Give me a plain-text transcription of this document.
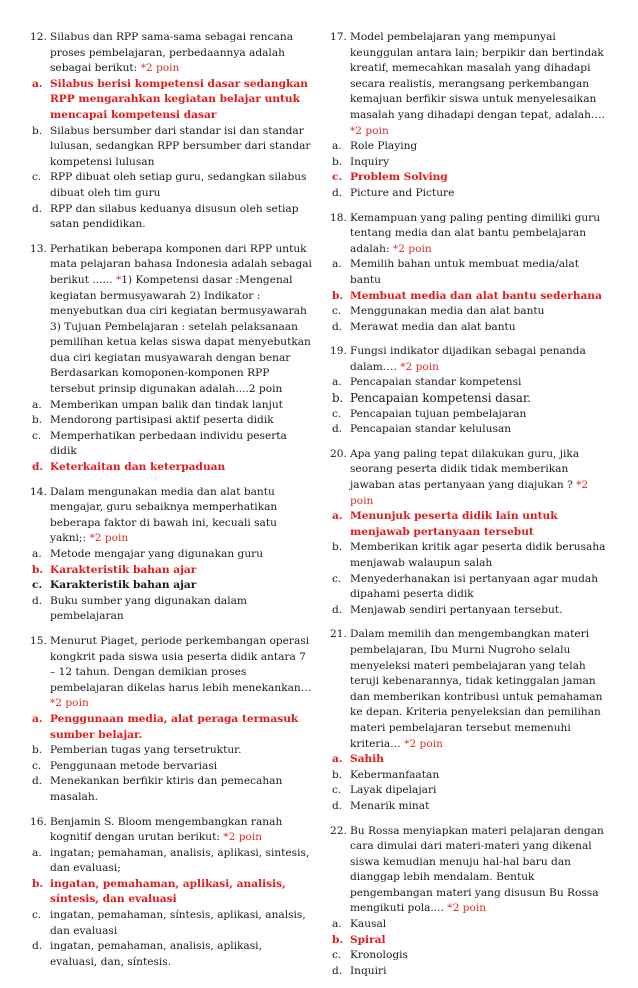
12. Silabus dan RPP sama-sama sebagai rencana proses pembelajaran, perbedaannya adalah sebagai berikut: *2 poin
a. Silabus berisi kompetensi dasar sedangkan RPP mengarahkan kegiatan belajar untuk mencapai kompetensi dasar
b. Silabus bersumber dari standar isi dan standar lulusan, sedangkan RPP bersumber dari standar kompetensi lulusan
c. RPP dibuat oleh setiap guru, sedangkan silabus dibuat oleh tim guru
d. RPP dan silabus keduanya disusun oleh setiap satan pendidikan.
13. Perhatikan beberapa komponen dari RPP untuk mata pelajaran bahasa Indonesia adalah sebagai berikut ...... *1) Kompetensi dasar :Mengenal kegiatan bermusyawarah 2) Indikator : menyebutkan dua ciri kegiatan bermusyawarah 3) Tujuan Pembelajaran : setelah pelaksanaan pemilihan ketua kelas siswa dapat menyebutkan dua ciri kegiatan musyawarah dengan benar Berdasarkan komoponen-komponen RPP tersebut prinsip digunakan adalah....2 poin
a. Memberikan umpan balik dan tindak lanjut
b. Mendorong partisipasi aktif peserta didik
c. Memperhatikan perbedaan individu peserta didik
d. Keterkaitan dan keterpaduan
14. Dalam mengunakan media dan alat bantu mengajar, guru sebaiknya memperhatikan beberapa faktor di bawah ini, kecuali satu yakni;: *2 poin
a. Metode mengajar yang digunakan guru
b. Karakteristik bahan ajar
c. Karakteristik bahan ajar
d. Buku sumber yang digunakan dalam pembelajaran
15. Menurut Piaget, periode perkembangan operasi kongkrit pada siswa usia peserta didik antara 7 – 12 tahun. Dengan demikian proses pembelajaran dikelas harus lebih menekankan… *2 poin
a. Penggunaan media, alat peraga termasuk sumber belajar.
b. Pemberian tugas yang tersetruktur.
c. Penggunaan metode bervariasi
d. Menekankan berfikir ktiris dan pemecahan masalah.
16. Benjamin S. Bloom mengembangkan ranah kognitif dengan urutan berikut: *2 poin
a. ingatan; pemahaman, analisis, aplikasi, sintesis, dan evaluasi;
b. ingatan, pemahaman, aplikasi, analisis, síntesis, dan evaluasi
c. ingatan, pemahaman, síntesis, aplikasi, analsis, dan evaluasi
d. ingatan, pemahaman, analisis, aplikasi, evaluasi, dan, síntesis.
17. Model pembelajaran yang mempunyai keunggulan antara lain; berpikir dan bertindak kreatif, memecahkan masalah yang dihadapi secara realistis, merangsang perkembangan kemajuan berfikir siswa untuk menyelesaikan masalah yang dihadapi dengan tepat, adalah…. *2 poin
a. Role Playing
b. Inquiry
c. Problem Solving
d. Picture and Picture
18. Kemampuan yang paling penting dimiliki guru tentang media dan alat bantu pembelajaran adalah: *2 poin
a. Memilih bahan untuk membuat media/alat bantu
b. Membuat media dan alat bantu sederhana
c. Menggunakan media dan alat bantu
d. Merawat media dan alat bantu
19. Fungsi indikator dijadikan sebagai penanda dalam…. *2 poin
a. Pencapaian standar kompetensi
b. Pencapaian kompetensi dasar.
c. Pencapaian tujuan pembelajaran
d. Pencapaian standar kelulusan
20. Apa yang paling tepat dilakukan guru, jika seorang peserta didik tidak memberikan jawaban atas pertanyaan yang diajukan ? *2 poin
a. Menunjuk peserta didik lain untuk menjawab pertanyaan tersebut
b. Memberikan kritik agar peserta didik berusaha menjawab walaupun salah
c. Menyederhanakan isi pertanyaan agar mudah dipahami peserta didik
d. Menjawab sendiri pertanyaan tersebut.
21. Dalam memilih dan mengembangkan materi pembelajaran, Ibu Murni Nugroho selalu menyeleksi materi pembelajaran yang telah teruji kebenarannya, tidak ketinggalan jaman dan memberikan kontribusi untuk pemahaman ke depan. Kriteria penyeleksian dan pemilihan materi pembelajaran tersebut memenuhi kriteria… *2 poin
a. Sahih
b. Kebermanfaatan
c. Layak dipelajari
d. Menarik minat
22. Bu Rossa menyiapkan materi pelajaran dengan cara dimulai dari materi-materi yang dikenal siswa kemudian menuju hal-hal baru dan dianggap lebih mendalam. Bentuk pengembangan materi yang disusun Bu Rossa mengikuti pola.... *2 poin
a. Kausal
b. Spiral
c. Kronologis
d. Inquiri
